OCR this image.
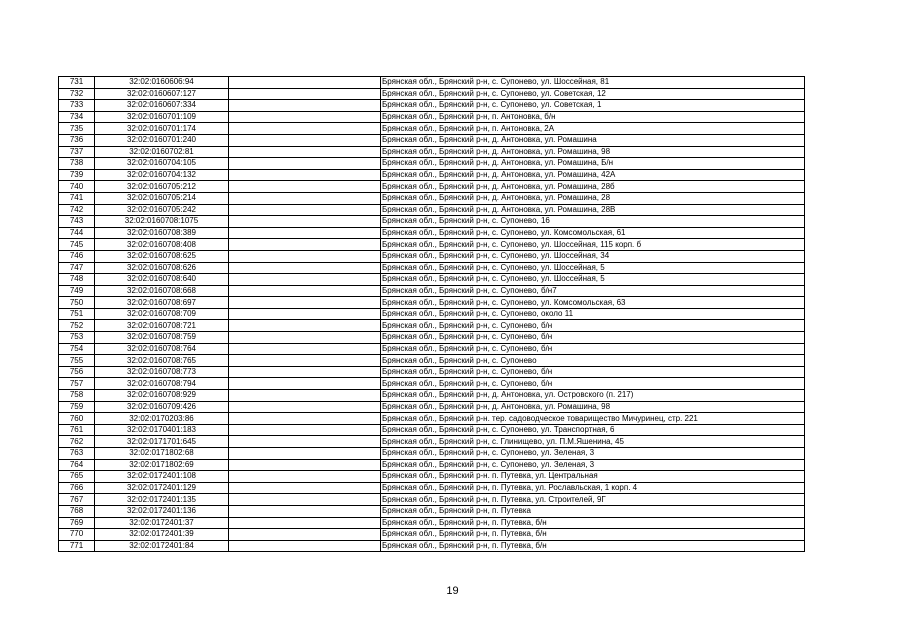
731	32:02:0160606:94		Брянская обл., Брянский р-н, с. Супонево, ул. Шоссейная, 81
732	32:02:0160607:127		Брянская обл., Брянский р-н, с. Супонево, ул. Советская, 12
733	32:02:0160607:334		Брянская обл., Брянский р-н, с. Супонево, ул. Советская, 1
734	32:02:0160701:109		Брянская обл., Брянский р-н, п. Антоновка, б/н
735	32:02:0160701:174		Брянская обл., Брянский р-н, п. Антоновка, 2А
736	32:02:0160701:240		Брянская обл., Брянский р-н, д. Антоновка, ул. Ромашина
737	32:02:0160702:81		Брянская обл., Брянский р-н, д. Антоновка, ул. Ромашина, 98
738	32:02:0160704:105		Брянская обл., Брянский р-н, д. Антоновка, ул. Ромашина, Б/н
739	32:02:0160704:132		Брянская обл., Брянский р-н, д. Антоновка, ул. Ромашина, 42А
740	32:02:0160705:212		Брянская обл., Брянский р-н, д. Антоновка, ул. Ромашина, 28б
741	32:02:0160705:214		Брянская обл., Брянский р-н, д. Антоновка, ул. Ромашина, 28
742	32:02:0160705:242		Брянская обл., Брянский р-н, д. Антоновка, ул. Ромашина, 28В
743	32:02:0160708:1075		Брянская обл., Брянский р-н, с. Супонево, 16
744	32:02:0160708:389		Брянская обл., Брянский р-н, с. Супонево, ул. Комсомольская, 61
745	32:02:0160708:408		Брянская обл., Брянский р-н, с. Супонево, ул. Шоссейная, 115 корп. б
746	32:02:0160708:625		Брянская обл., Брянский р-н, с. Супонево, ул. Шоссейная, 34
747	32:02:0160708:626		Брянская обл., Брянский р-н, с. Супонево, ул. Шоссейная, 5
748	32:02:0160708:640		Брянская обл., Брянский р-н, с. Супонево, ул. Шоссейная, 5
749	32:02:0160708:668		Брянская обл., Брянский р-н, с. Супонево, б/н7
750	32:02:0160708:697		Брянская обл., Брянский р-н, с. Супонево, ул. Комсомольская, 63
751	32:02:0160708:709		Брянская обл., Брянский р-н, с. Супонево, около 11
752	32:02:0160708:721		Брянская обл., Брянский р-н, с. Супонево, б/н
753	32:02:0160708:759		Брянская обл., Брянский р-н, с. Супонево, б/н
754	32:02:0160708:764		Брянская обл., Брянский р-н, с. Супонево, б/н
755	32:02:0160708:765		Брянская обл., Брянский р-н, с. Супонево
756	32:02:0160708:773		Брянская обл., Брянский р-н, с. Супонево, б/н
757	32:02:0160708:794		Брянская обл., Брянский р-н, с. Супонево, б/н
758	32:02:0160708:929		Брянская обл., Брянский р-н, д. Антоновка, ул. Островского (п. 217)
759	32:02:0160709:426		Брянская обл., Брянский р-н, д. Антоновка, ул. Ромашина, 98
760	32:02:0170203:86		Брянская обл., Брянский р-н. тер. садоводческое товарищество Мичуринец, стр. 221
761	32:02:0170401:183		Брянская обл., Брянский р-н, с. Супонево, ул. Транспортная, 6
762	32:02:0171701:645		Брянская обл., Брянский р-н, с. Глинищево, ул. П.М.Яшенина, 45
763	32:02:0171802:68		Брянская обл., Брянский р-н, с. Супонево, ул. Зеленая, 3
764	32:02:0171802:69		Брянская обл., Брянский р-н, с. Супонево, ул. Зеленая, 3
765	32:02:0172401:108		Брянская обл., Брянский р-н. п. Путевка, ул. Центральная
766	32:02:0172401:129		Брянская обл., Брянский р-н, п. Путевка, ул. Рославльская, 1 корп. 4
767	32:02:0172401:135		Брянская обл., Брянский р-н, п. Путевка, ул. Строителей, 9Г
768	32:02:0172401:136		Брянская обл., Брянский р-н, п. Путевка
769	32:02:0172401:37		Брянская обл., Брянский р-н, п. Путевка, б/н
770	32:02:0172401:39		Брянская обл., Брянский р-н, п. Путевка, б/н
771	32:02:0172401:84		Брянская обл., Брянский р-н, п. Путевка, б/н
19
